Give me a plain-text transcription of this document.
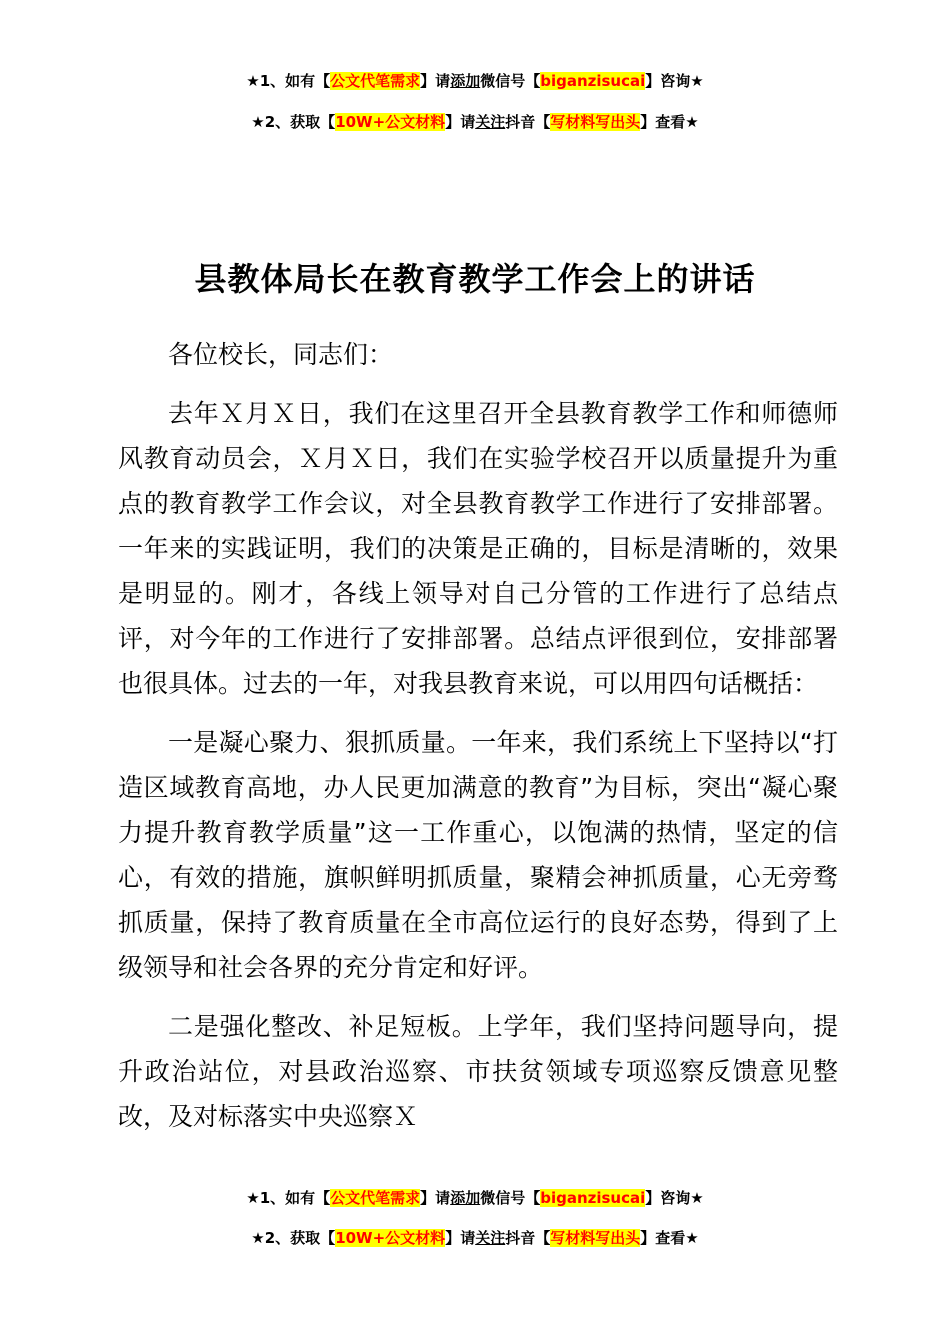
★1、如有【公文代笔需求】请添加微信号【biganzisucai】咨询★
★2、获取【10W+公文材料】请关注抖音【写材料写出头】查看★
县教体局长在教育教学工作会上的讲话

各位校长，同志们：

去年Ｘ月Ｘ日，我们在这里召开全县教育教学工作和师德师风教育动员会，Ｘ月Ｘ日，我们在实验学校召开以质量提升为重点的教育教学工作会议，对全县教育教学工作进行了安排部署。一年来的实践证明，我们的决策是正确的，目标是清晰的，效果是明显的。刚才，各线上领导对自己分管的工作进行了总结点评，对今年的工作进行了安排部署。总结点评很到位，安排部署也很具体。过去的一年，对我县教育来说，可以用四句话概括：

一是凝心聚力、狠抓质量。一年来，我们系统上下坚持以“打造区域教育高地，办人民更加满意的教育”为目标，突出“凝心聚力提升教育教学质量”这一工作重心，以饱满的热情，坚定的信心，有效的措施，旗帜鲜明抓质量，聚精会神抓质量，心无旁骛抓质量，保持了教育质量在全市高位运行的良好态势，得到了上级领导和社会各界的充分肯定和好评。

二是强化整改、补足短板。上学年，我们坚持问题导向，提升政治站位，对县政治巡察、市扶贫领域专项巡察反馈意见整改，及对标落实中央巡察Ｘ

★1、如有【公文代笔需求】请添加微信号【biganzisucai】咨询★
★2、获取【10W+公文材料】请关注抖音【写材料写出头】查看★
